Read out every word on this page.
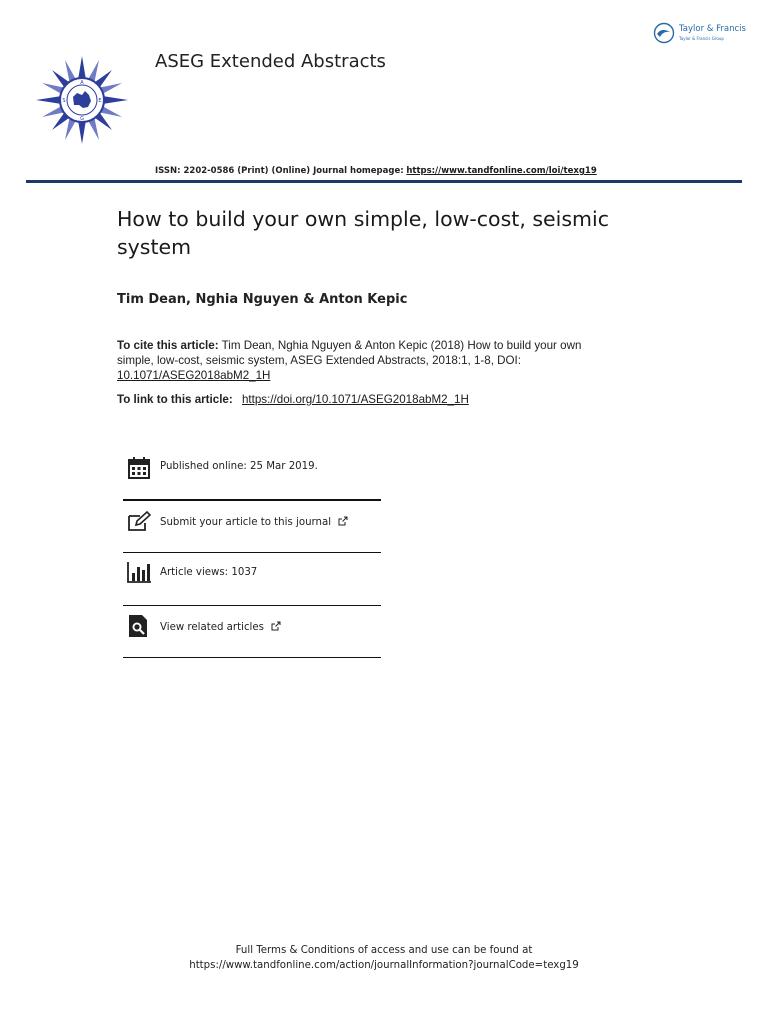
A
S	E
G
ASEG Extended Abstracts
Taylor & Francis
Taylor & Francis Group
ISSN: 2202-0586 (Print) (Online) Journal homepage: https://www.tandfonline.com/loi/texg19
How to build your own simple, low-cost, seismic system
Tim Dean, Nghia Nguyen & Anton Kepic
To cite this article: Tim Dean, Nghia Nguyen & Anton Kepic (2018) How to build your own simple, low-cost, seismic system, ASEG Extended Abstracts, 2018:1, 1-8, DOI: 10.1071/ASEG2018abM2_1H
To link to this article: https://doi.org/10.1071/ASEG2018abM2_1H
Published online: 25 Mar 2019.
Submit your article to this journal
Article views: 1037
View related articles
Full Terms & Conditions of access and use can be found at
https://www.tandfonline.com/action/journalInformation?journalCode=texg19
